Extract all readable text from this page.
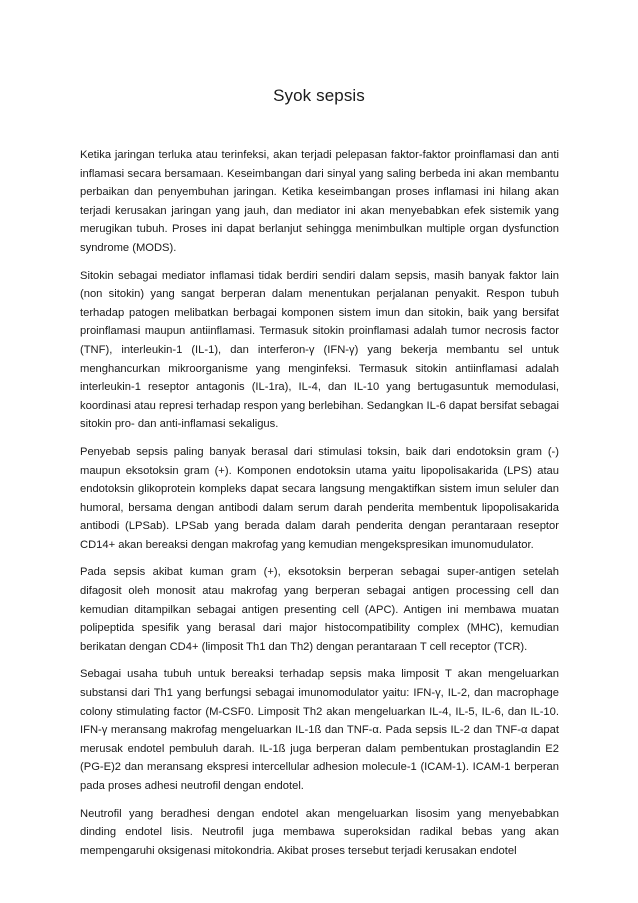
Syok sepsis

Ketika jaringan terluka atau terinfeksi, akan terjadi pelepasan faktor-faktor proinflamasi dan anti inflamasi secara bersamaan. Keseimbangan dari sinyal yang saling berbeda ini akan membantu perbaikan dan penyembuhan jaringan. Ketika keseimbangan proses inflamasi ini hilang akan terjadi kerusakan jaringan yang jauh, dan mediator ini akan menyebabkan efek sistemik yang merugikan tubuh. Proses ini dapat berlanjut sehingga menimbulkan multiple organ dysfunction syndrome (MODS).

Sitokin sebagai mediator inflamasi tidak berdiri sendiri dalam sepsis, masih banyak faktor lain (non sitokin) yang sangat berperan dalam menentukan perjalanan penyakit. Respon tubuh terhadap patogen melibatkan berbagai komponen sistem imun dan sitokin, baik yang bersifat proinflamasi maupun antiinflamasi. Termasuk sitokin proinflamasi adalah tumor necrosis factor (TNF), interleukin-1 (IL-1), dan interferon-γ (IFN-γ) yang bekerja membantu sel untuk menghancurkan mikroorganisme yang menginfeksi. Termasuk sitokin antiinflamasi adalah interleukin-1 reseptor antagonis (IL-1ra), IL-4, dan IL-10 yang bertugasuntuk memodulasi, koordinasi atau represi terhadap respon yang berlebihan. Sedangkan IL-6 dapat bersifat sebagai sitokin pro- dan anti-inflamasi sekaligus.

Penyebab sepsis paling banyak berasal dari stimulasi toksin, baik dari endotoksin gram (-) maupun eksotoksin gram (+). Komponen endotoksin utama yaitu lipopolisakarida (LPS) atau endotoksin glikoprotein kompleks dapat secara langsung mengaktifkan sistem imun seluler dan humoral, bersama dengan antibodi dalam serum darah penderita membentuk lipopolisakarida antibodi (LPSab). LPSab yang berada dalam darah penderita dengan perantaraan reseptor CD14+ akan bereaksi dengan makrofag yang kemudian mengekspresikan imunomudulator.

Pada sepsis akibat kuman gram (+), eksotoksin berperan sebagai super-antigen setelah difagosit oleh monosit atau makrofag yang berperan sebagai antigen processing cell dan kemudian ditampilkan sebagai antigen presenting cell (APC). Antigen ini membawa muatan polipeptida spesifik yang berasal dari major histocompatibility complex (MHC), kemudian berikatan dengan CD4+ (limposit Th1 dan Th2) dengan perantaraan T cell receptor (TCR).

Sebagai usaha tubuh untuk bereaksi terhadap sepsis maka limposit T akan mengeluarkan substansi dari Th1 yang berfungsi sebagai imunomodulator yaitu: IFN-γ, IL-2, dan macrophage colony stimulating factor (M-CSF0. Limposit Th2 akan mengeluarkan IL-4, IL-5, IL-6, dan IL-10. IFN-γ meransang makrofag mengeluarkan IL-1ß dan TNF-α. Pada sepsis IL-2 dan TNF-α dapat merusak endotel pembuluh darah. IL-1ß juga berperan dalam pembentukan prostaglandin E2 (PG-E)2 dan meransang ekspresi intercellular adhesion molecule-1 (ICAM-1). ICAM-1 berperan pada proses adhesi neutrofil dengan endotel.

Neutrofil yang beradhesi dengan endotel akan mengeluarkan lisosim yang menyebabkan dinding endotel lisis. Neutrofil juga membawa superoksidan radikal bebas yang akan mempengaruhi oksigenasi mitokondria. Akibat proses tersebut terjadi kerusakan endotel
